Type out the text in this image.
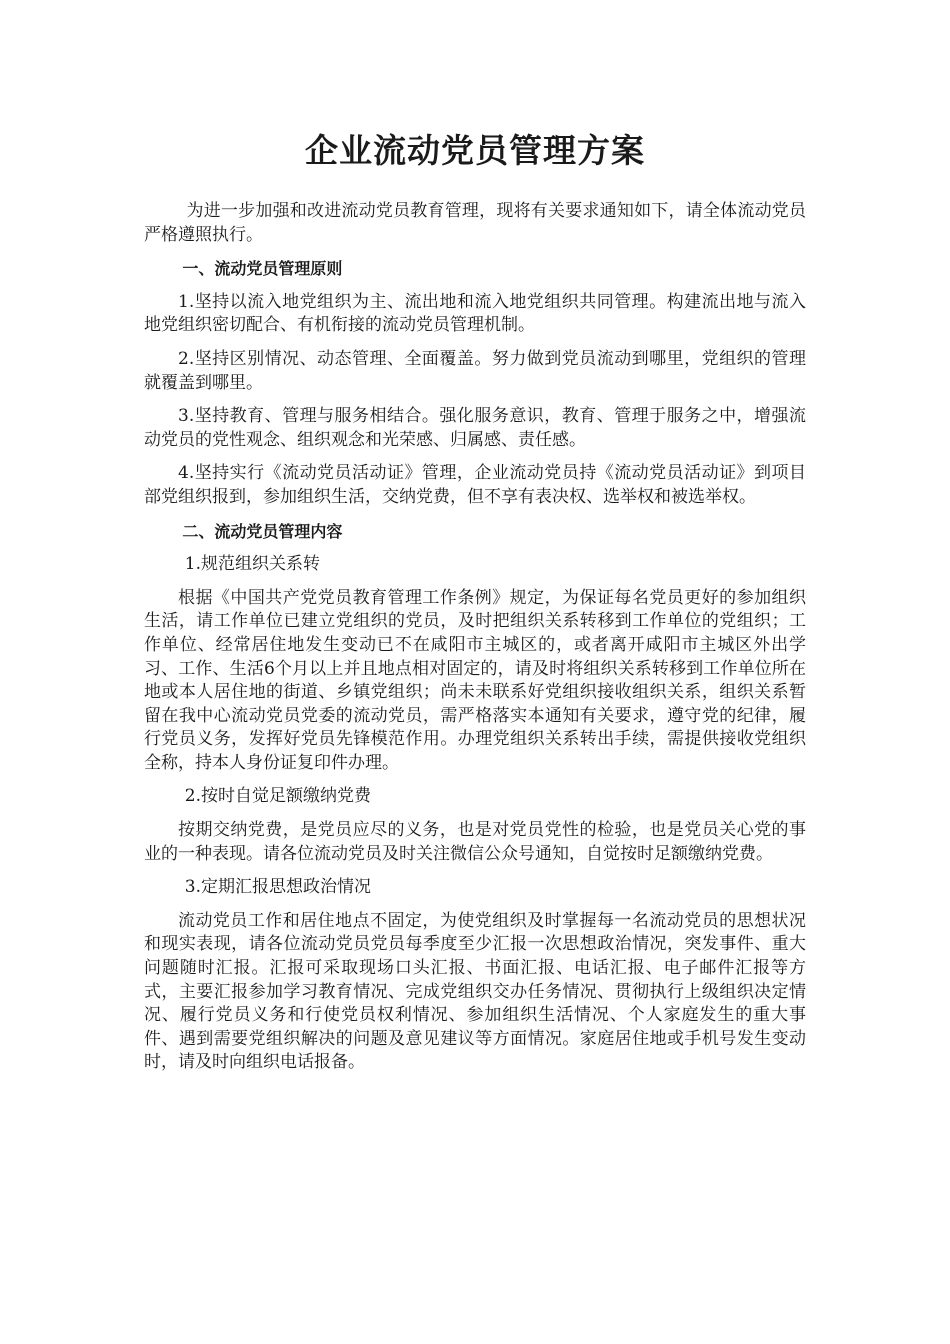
企业流动党员管理方案

为进一步加强和改进流动党员教育管理，现将有关要求通知如下，请全体流动党员严格遵照执行。

一、流动党员管理原则

1.坚持以流入地党组织为主、流出地和流入地党组织共同管理。构建流出地与流入地党组织密切配合、有机衔接的流动党员管理机制。

2.坚持区别情况、动态管理、全面覆盖。努力做到党员流动到哪里，党组织的管理就覆盖到哪里。

3.坚持教育、管理与服务相结合。强化服务意识，教育、管理于服务之中，增强流动党员的党性观念、组织观念和光荣感、归属感、责任感。

4.坚持实行《流动党员活动证》管理，企业流动党员持《流动党员活动证》到项目部党组织报到，参加组织生活，交纳党费，但不享有表决权、选举权和被选举权。

二、流动党员管理内容
1.规范组织关系转

根据《中国共产党党员教育管理工作条例》规定，为保证每名党员更好的参加组织生活，请工作单位已建立党组织的党员，及时把组织关系转移到工作单位的党组织；工作单位、经常居住地发生变动已不在咸阳市主城区的，或者离开咸阳市主城区外出学习、工作、生活6个月以上并且地点相对固定的，请及时将组织关系转移到工作单位所在地或本人居住地的街道、乡镇党组织；尚未未联系好党组织接收组织关系，组织关系暂留在我中心流动党员党委的流动党员，需严格落实本通知有关要求，遵守党的纪律，履行党员义务，发挥好党员先锋模范作用。办理党组织关系转出手续，需提供接收党组织全称，持本人身份证复印件办理。

2.按时自觉足额缴纳党费

按期交纳党费，是党员应尽的义务，也是对党员党性的检验，也是党员关心党的事业的一种表现。请各位流动党员及时关注微信公众号通知，自觉按时足额缴纳党费。

3.定期汇报思想政治情况

流动党员工作和居住地点不固定，为使党组织及时掌握每一名流动党员的思想状况和现实表现，请各位流动党员党员每季度至少汇报一次思想政治情况，突发事件、重大问题随时汇报。汇报可采取现场口头汇报、书面汇报、电话汇报、电子邮件汇报等方式，主要汇报参加学习教育情况、完成党组织交办任务情况、贯彻执行上级组织决定情况、履行党员义务和行使党员权利情况、参加组织生活情况、个人家庭发生的重大事件、遇到需要党组织解决的问题及意见建议等方面情况。家庭居住地或手机号发生变动时，请及时向组织电话报备。
